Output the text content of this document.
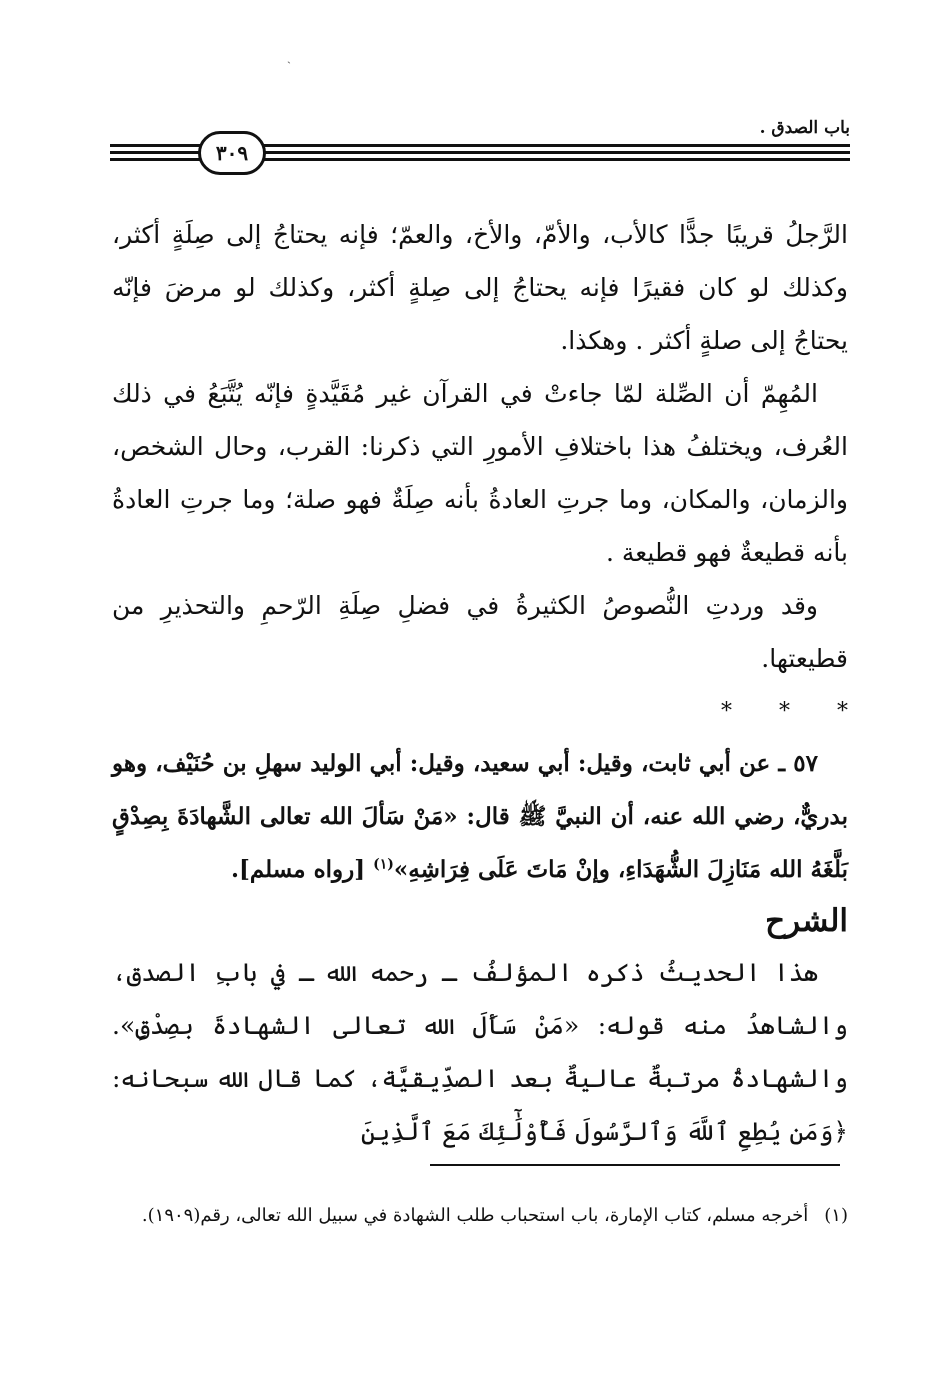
ˏ
باب الصدق .
٣٠٩

الرَّجلُ قريبًا جدًّا كالأب، والأمّ، والأخ، والعمّ؛ فإنه يحتاجُ إلى صِلَةٍ أكثر، وكذلك لو كان فقيرًا فإنه يحتاجُ إلى صِلةٍ أكثر، وكذلك لو مرضَ فإنّه يحتاجُ إلى صلةٍ أكثر . وهكذا.

المُهِمّ أن الصِّلة لمّا جاءتْ في القرآن غير مُقَيَّدةٍ فإنّه يُتَّبَعُ في ذلك العُرف، ويختلفُ هذا باختلافِ الأمورِ التي ذكرنا: القرب، وحال الشخص، والزمان، والمكان، وما جرتِ العادةُ بأنه صِلَةٌ فهو صلة؛ وما جرتِ العادةُ بأنه قطيعةٌ فهو قطيعة .

وقد وردتِ النُّصوصُ الكثيرةُ في فضلِ صِلَةِ الرّحمِ والتحذيرِ من قطيعتها.

* * *

٥٧ ـ عن أبي ثابت، وقيل: أبي سعيد، وقيل: أبي الوليد سهلِ بن حُنَيْف، وهو بدريٌّ، رضي الله عنه، أن النبيَّ ﷺ قال: «مَنْ سَألَ الله تعالى الشَّهادَةَ بِصِدْقٍ بَلَّغَهُ الله مَنَازِلَ الشُّهَدَاءِ، وإنْ مَاتَ عَلَى فِرَاشِهِ»$^{(١)}$ [رواه مسلم].

الشرح

هذا الحديثُ ذكره المؤلفُ ـ رحمه الله ـ في بابِ الصدق، والشاهدُ منه قوله: «مَنْ سَأَلَ الله تعالى الشهادةَ بصِدْقٍ». والشهادةُ مرتبةٌ عاليةٌ بعد الصدِّيقيَّة، كما قال الله سبحانه: ﴿وَمَن يُطِعِ ٱللَّهَ وَٱلرَّسُولَ فَأُوْلَٰٓئِكَ مَعَ ٱلَّذِينَ

(١)أخرجه مسلم، كتاب الإمارة، باب استحباب طلب الشهادة في سبيل الله تعالى، رقم(١٩٠٩).
